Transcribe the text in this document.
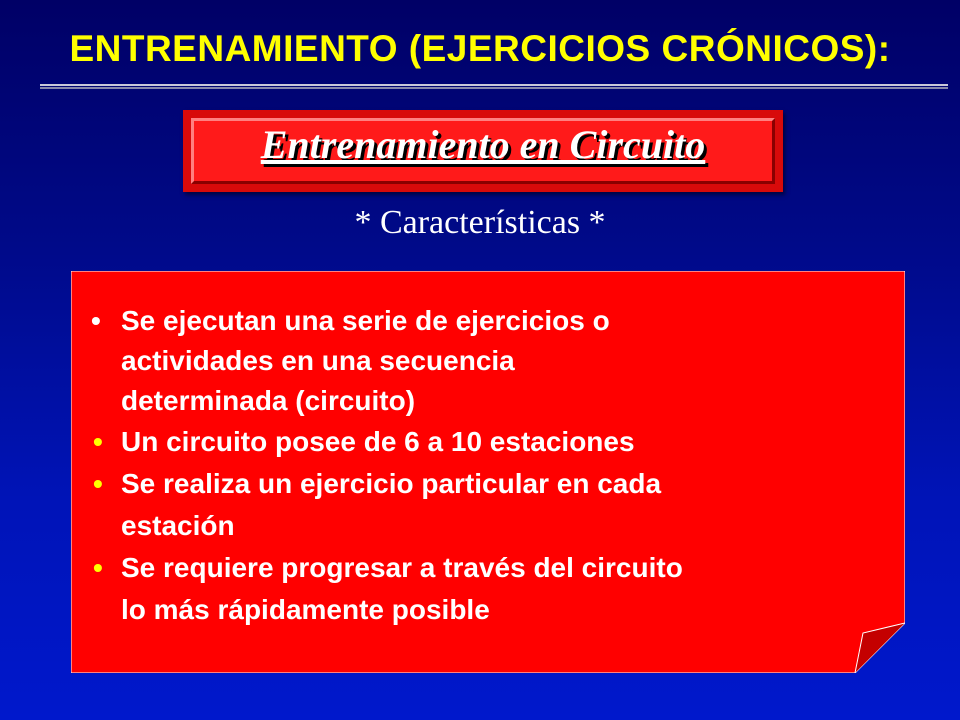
ENTRENAMIENTO (EJERCICIOS CRÓNICOS):
Entrenamiento en Circuito

* Características *

• Se ejecutan una serie de ejercicios o
actividades en una secuencia
determinada (circuito)
• Un circuito posee de 6 a 10 estaciones
• Se realiza un ejercicio particular en cada
estación
• Se requiere progresar a través del circuito
lo más rápidamente posible
